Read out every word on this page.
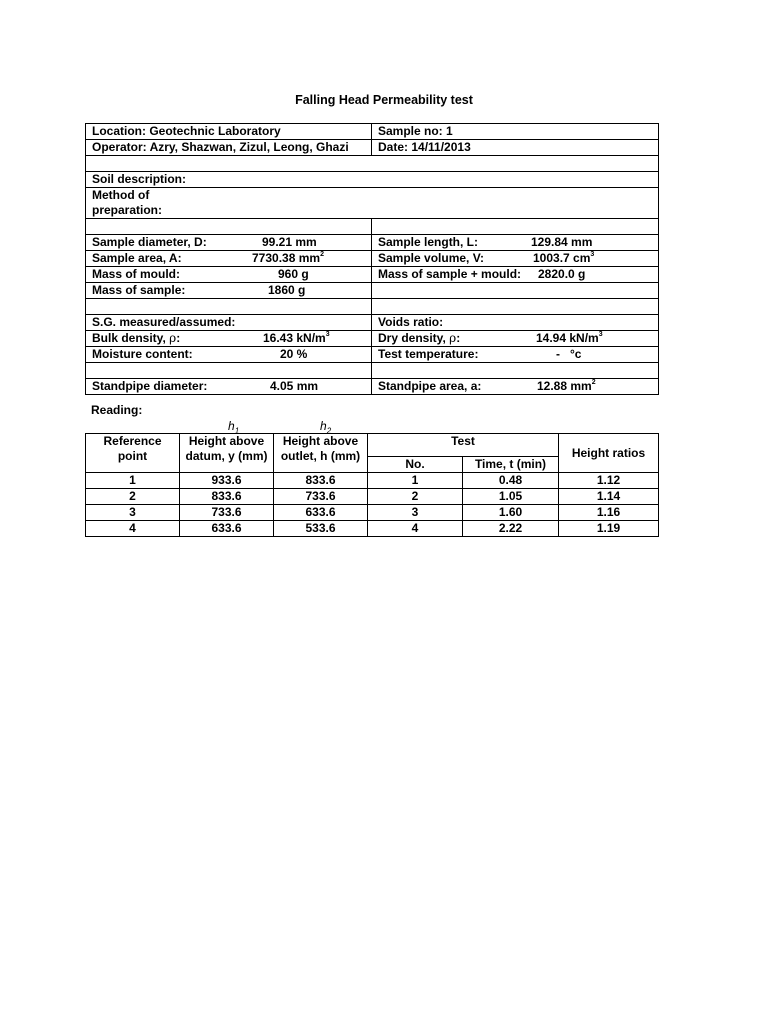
Falling Head Permeability test
Location: Geotechnic Laboratory	Sample no: 1
Operator: Azry, Shazwan, Zizul, Leong, Ghazi	Date: 14/11/2013

Soil description:	
Method of
preparation:	

Sample diameter, D: 99.21 mm	Sample length, L: 129.84 mm
Sample area, A: 7730.38 $mm^2$	Sample volume, V: 1003.7 $cm^3$
Mass of mould: 960 g	Mass of sample + mould: 2820.0 g
Mass of sample: 1860 g	

S.G. measured/assumed:	Voids ratio:
Bulk density, ρ: 16.43 $kN/m^3$	Dry density, ρ: 14.94 $kN/m^3$
Moisture content: 20 %	Test temperature: -   °c

Standpipe diameter: 4.05 mm	Standpipe area, a: 12.88 $mm^2$
Reading:
$h_1$	$h_2$
Reference point	Height above datum, y (mm)	Height above outlet, h (mm)	Test		Height ratios
			No.	Time, t (min)	
1	933.6	833.6	1	0.48	1.12
2	833.6	733.6	2	1.05	1.14
3	733.6	633.6	3	1.60	1.16
4	633.6	533.6	4	2.22	1.19
